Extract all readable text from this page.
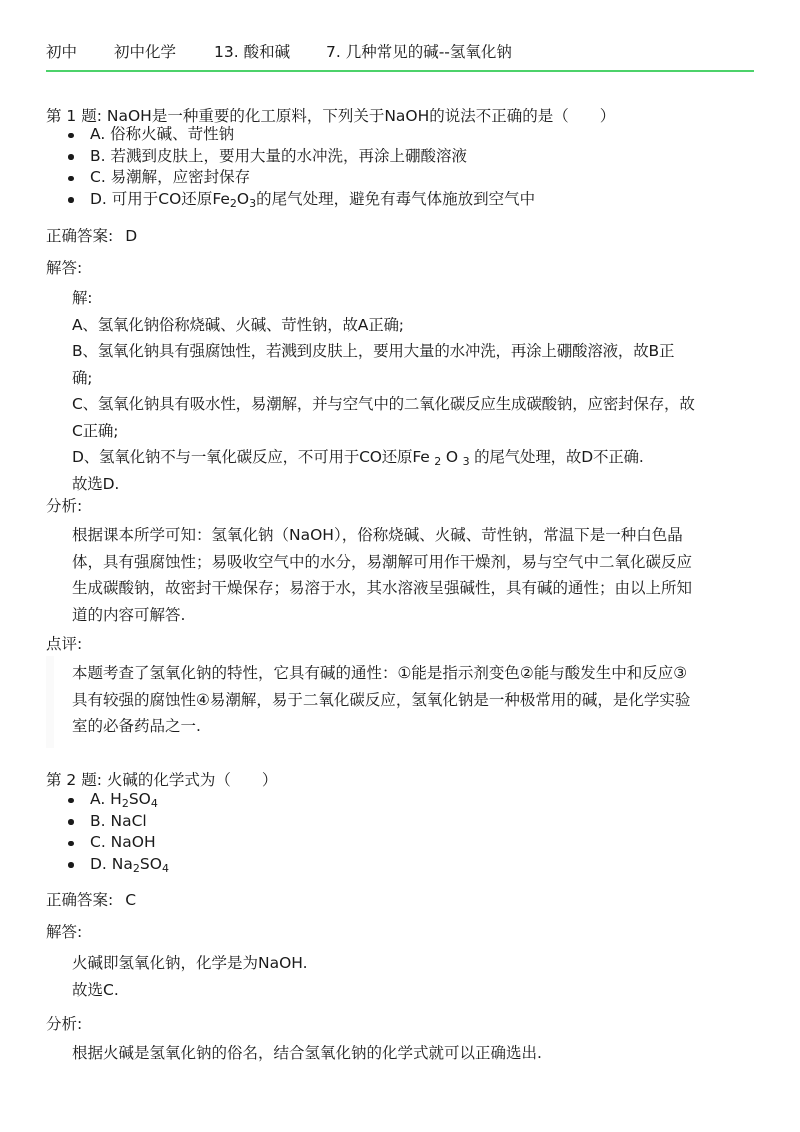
初中	初中化学	13. 酸和碱	7. 几种常见的碱--氢氧化钠
第 1 题: NaOH是一种重要的化工原料，下列关于NaOH的说法不正确的是（　　）
A. 俗称火碱、苛性钠
B. 若溅到皮肤上，要用大量的水冲洗，再涂上硼酸溶液
C. 易潮解，应密封保存
D. 可用于CO还原$Fe_2O_3$的尾气处理，避免有毒气体施放到空气中
正确答案: D
解答:

解:

A、氢氧化钠俗称烧碱、火碱、苛性钠，故A正确;

B、氢氧化钠具有强腐蚀性，若溅到皮肤上，要用大量的水冲洗，再涂上硼酸溶液，故B正

确;

C、氢氧化钠具有吸水性，易潮解，并与空气中的二氧化碳反应生成碳酸钠，应密封保存，故

C正确;

D、氢氧化钠不与一氧化碳反应，不可用于CO还原Fe $_2$ O $_3$ 的尾气处理，故D不正确.

故选D.

分析:

根据课本所学可知：氢氧化钠（NaOH），俗称烧碱、火碱、苛性钠，常温下是一种白色晶

体，具有强腐蚀性；易吸收空气中的水分，易潮解可用作干燥剂，易与空气中二氧化碳反应

生成碳酸钠，故密封干燥保存；易溶于水，其水溶液呈强碱性，具有碱的通性；由以上所知

道的内容可解答.

点评:

本题考查了氢氧化钠的特性，它具有碱的通性：①能是指示剂变色②能与酸发生中和反应③

具有较强的腐蚀性④易潮解，易于二氧化碳反应，氢氧化钠是一种极常用的碱，是化学实验

室的必备药品之一.

第 2 题: 火碱的化学式为（　　）
A. $H_2SO_4$
B. NaCl
C. NaOH
D. $Na_2SO_4$
正确答案: C
解答:

火碱即氢氧化钠，化学是为NaOH.

故选C.

分析:

根据火碱是氢氧化钠的俗名，结合氢氧化钠的化学式就可以正确选出.
